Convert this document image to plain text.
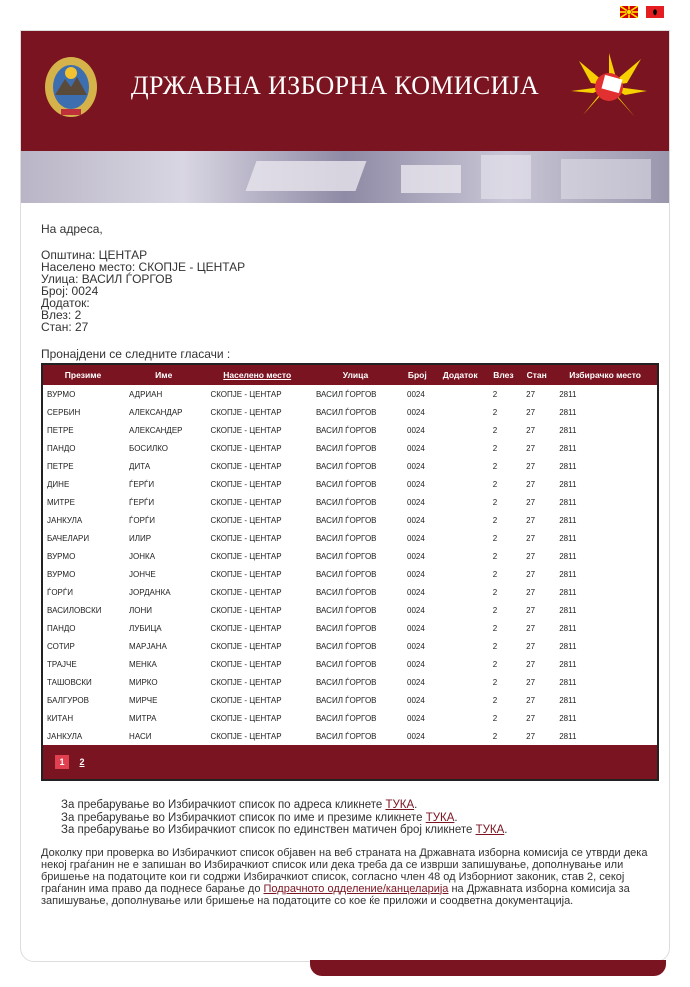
ДРЖАВНА ИЗБОРНА КОМИСИЈА

На адреса,

Општина: ЦЕНТАР

Населено место: СКОПЈЕ - ЦЕНТАР

Улица: ВАСИЛ ЃОРГОВ

Број: 0024

Додаток:

Влез: 2

Стан: 27

Пронајдени се следните гласачи :
Презиме	Име	Населено место	Улица	Број	Додаток	Влез	Стан	Избирачко место
ВУРМО	АДРИАН	СКОПЈЕ - ЦЕНТАР	ВАСИЛ ЃОРГОВ	0024		2	27	2811
СЕРБИН	АЛЕКСАНДАР	СКОПЈЕ - ЦЕНТАР	ВАСИЛ ЃОРГОВ	0024		2	27	2811
ПЕТРЕ	АЛЕКСАНДЕР	СКОПЈЕ - ЦЕНТАР	ВАСИЛ ЃОРГОВ	0024		2	27	2811
ПАНДО	БОСИЛКО	СКОПЈЕ - ЦЕНТАР	ВАСИЛ ЃОРГОВ	0024		2	27	2811
ПЕТРЕ	ДИТА	СКОПЈЕ - ЦЕНТАР	ВАСИЛ ЃОРГОВ	0024		2	27	2811
ДИНЕ	ЃЕРЃИ	СКОПЈЕ - ЦЕНТАР	ВАСИЛ ЃОРГОВ	0024		2	27	2811
МИТРЕ	ЃЕРЃИ	СКОПЈЕ - ЦЕНТАР	ВАСИЛ ЃОРГОВ	0024		2	27	2811
ЈАНКУЛА	ЃОРЃИ	СКОПЈЕ - ЦЕНТАР	ВАСИЛ ЃОРГОВ	0024		2	27	2811
БАЧЕЛАРИ	ИЛИР	СКОПЈЕ - ЦЕНТАР	ВАСИЛ ЃОРГОВ	0024		2	27	2811
ВУРМО	ЈОНКА	СКОПЈЕ - ЦЕНТАР	ВАСИЛ ЃОРГОВ	0024		2	27	2811
ВУРМО	ЈОНЧЕ	СКОПЈЕ - ЦЕНТАР	ВАСИЛ ЃОРГОВ	0024		2	27	2811
ЃОРЃИ	ЈОРДАНКА	СКОПЈЕ - ЦЕНТАР	ВАСИЛ ЃОРГОВ	0024		2	27	2811
ВАСИЛОВСКИ	ЛОНИ	СКОПЈЕ - ЦЕНТАР	ВАСИЛ ЃОРГОВ	0024		2	27	2811
ПАНДО	ЛУБИЦА	СКОПЈЕ - ЦЕНТАР	ВАСИЛ ЃОРГОВ	0024		2	27	2811
СОТИР	МАРЈАНА	СКОПЈЕ - ЦЕНТАР	ВАСИЛ ЃОРГОВ	0024		2	27	2811
ТРАЈЧЕ	МЕНКА	СКОПЈЕ - ЦЕНТАР	ВАСИЛ ЃОРГОВ	0024		2	27	2811
ТАШОВСКИ	МИРКО	СКОПЈЕ - ЦЕНТАР	ВАСИЛ ЃОРГОВ	0024		2	27	2811
БАЛГУРОВ	МИРЧЕ	СКОПЈЕ - ЦЕНТАР	ВАСИЛ ЃОРГОВ	0024		2	27	2811
КИТАН	МИТРА	СКОПЈЕ - ЦЕНТАР	ВАСИЛ ЃОРГОВ	0024		2	27	2811
ЈАНКУЛА	НАСИ	СКОПЈЕ - ЦЕНТАР	ВАСИЛ ЃОРГОВ	0024		2	27	2811
1	2
За пребарување во Избирачкиот список по адреса кликнете ТУКА.
За пребарување во Избирачкиот список по име и презиме кликнете ТУКА.
За пребарување во Избирачкиот список по единствен матичен број кликнете ТУКА.
Доколку при проверка во Избирачкиот список објавен на веб страната на Државната изборна комисија се утврди дека некој граѓанин не е запишан во Избирачкиот список или дека треба да се изврши запишување, дополнување или бришење на податоците кои ги содржи Избирачкиот список, согласно член 48 од Изборниот законик, став 2, секој граѓанин има право да поднесе барање до Подрачното одделение/канцеларија на Државната изборна комисија за запишување, дополнување или бришење на податоците со кое ќе приложи и соодветна документација.
